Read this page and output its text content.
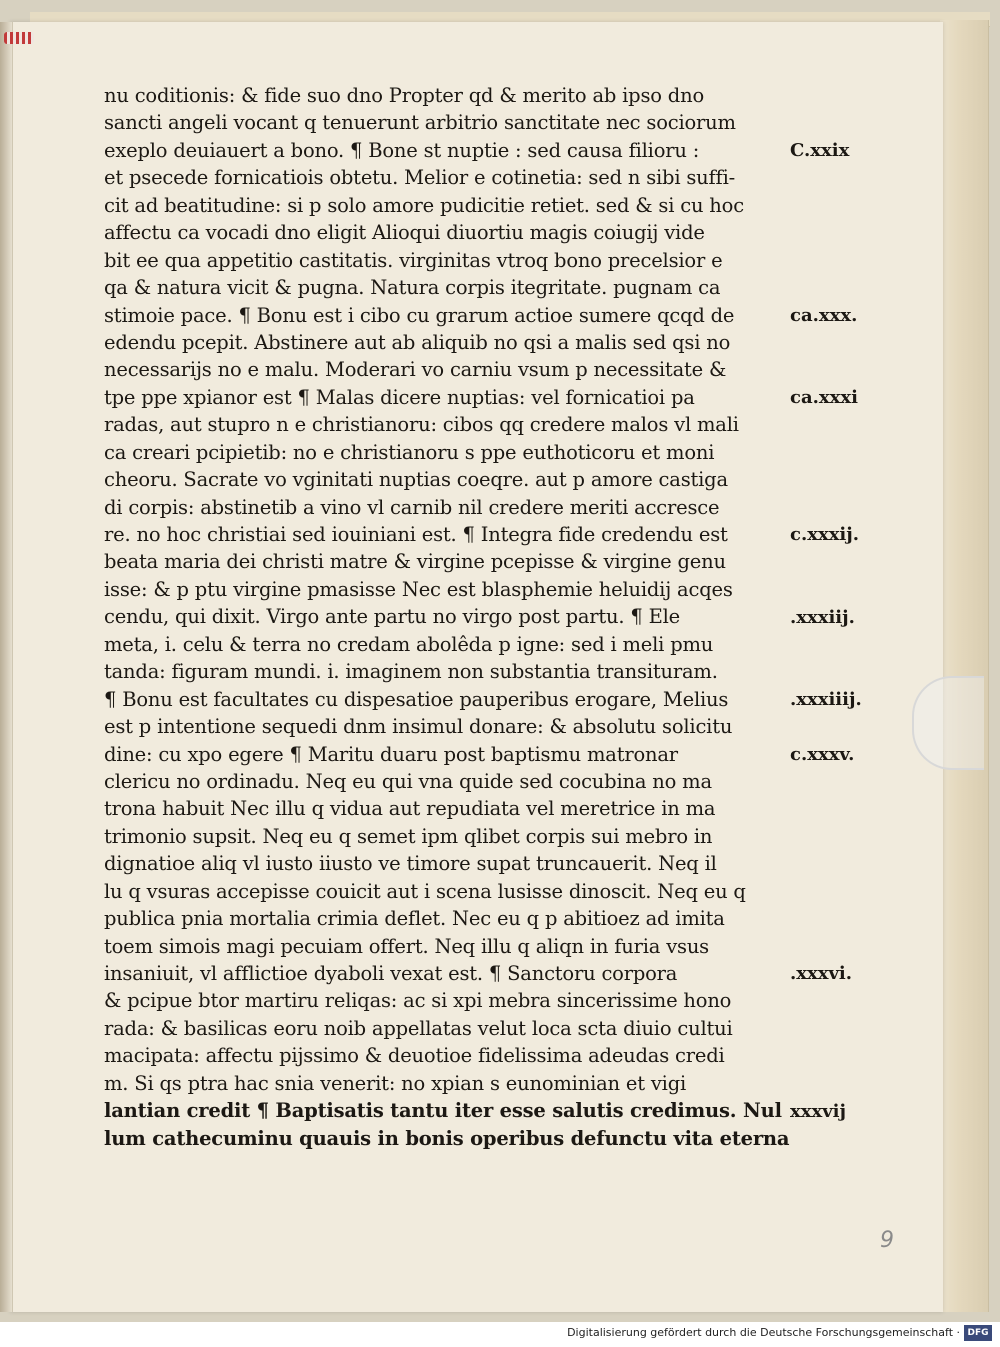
nu coditionis: & fide suo dno Propter qd & merito ab ipso dno
sancti angeli vocant q tenuerunt arbitrio sanctitate nec sociorum
exeplo deuiauert a bono. ¶ Bone st nuptie : sed causa filioru :
et psecede fornicatiois obtetu. Melior e cotinetia: sed n sibi suffi-
cit ad beatitudine: si p solo amore pudicitie retiet. sed & si cu hoc
affectu ca vocadi dno eligit Alioqui diuortiu magis coiugij vide
bit ee qua appetitio castitatis. virginitas vtroq bono precelsior e
qa & natura vicit & pugna. Natura corpis itegritate. pugnam ca
stimoie pace. ¶ Bonu est i cibo cu grarum actioe sumere qcqd de
edendu pcepit. Abstinere aut ab aliquib no qsi a malis sed qsi no
necessarijs no e malu. Moderari vo carniu vsum p necessitate &
tpe ppe xpianor est ¶ Malas dicere nuptias: vel fornicatioi pa
radas, aut stupro n e christianoru: cibos qq credere malos vl mali
ca creari pcipietib: no e christianoru s ppe euthoticoru et moni
cheoru. Sacrate vo vginitati nuptias coeqre. aut p amore castiga
di corpis: abstinetib a vino vl carnib nil credere meriti accresce
re. no hoc christiai sed iouiniani est. ¶ Integra fide credendu est
beata maria dei christi matre & virgine pcepisse & virgine genu
isse: & p ptu virgine pmasisse Nec est blasphemie heluidij acqes
cendu, qui dixit. Virgo ante partu no virgo post partu. ¶ Ele
meta, i. celu & terra no credam abolêda p igne: sed i meli pmu
tanda: figuram mundi. i. imaginem non substantia transituram.
¶ Bonu est facultates cu dispesatioe pauperibus erogare, Melius
est p intentione sequedi dnm insimul donare: & absolutu solicitu
dine: cu xpo egere ¶ Maritu duaru post baptismu matronar
clericu no ordinadu. Neq eu qui vna quide sed cocubina no ma
trona habuit Nec illu q vidua aut repudiata vel meretrice in ma
trimonio supsit. Neq eu q semet ipm qlibet corpis sui mebro in
dignatioe aliq vl iusto iiusto ve timore supat truncauerit. Neq il
lu q vsuras accepisse couicit aut i scena lusisse dinoscit. Neq eu q
publica pnia mortalia crimia deflet. Nec eu q p abitioez ad imita
toem simois magi pecuiam offert. Neq illu q aliqn in furia vsus
insaniuit, vl afflictioe dyaboli vexat est. ¶ Sanctoru corpora
& pcipue btor martiru reliqas: ac si xpi mebra sincerissime hono
rada: & basilicas eoru noib appellatas velut loca scta diuio cultui
macipata: affectu pijssimo & deuotioe fidelissima adeudas credi
m. Si qs ptra hac snia venerit: no xpian s eunominian et vigi
lantian credit ¶ Baptisatis tantu iter esse salutis credimus. Nul
lum cathecuminu quauis in bonis operibus defunctu vita eterna
C.xxix
ca.xxx.
ca.xxxi
c.xxxij.
.xxxiij.
.xxxiiij.
c.xxxv.
.xxxvi.
xxxvij
9
Digitalisierung gefördert durch die Deutsche Forschungsgemeinschaft · DFG
